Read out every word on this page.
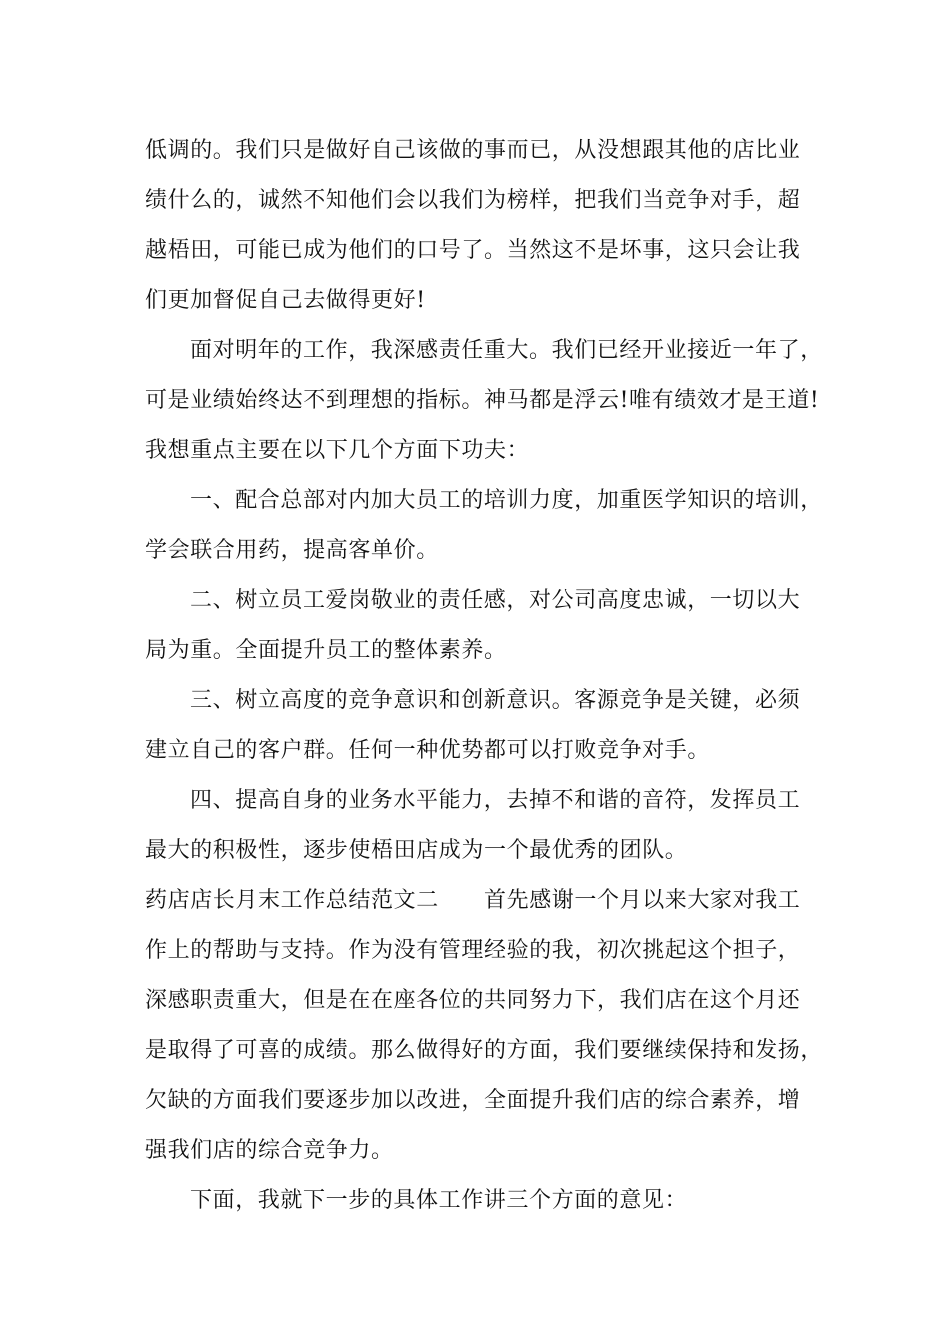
低调的。我们只是做好自己该做的事而已，从没想跟其他的店比业
绩什么的，诚然不知他们会以我们为榜样，把我们当竞争对手，超
越梧田，可能已成为他们的口号了。当然这不是坏事，这只会让我
们更加督促自己去做得更好!
面对明年的工作，我深感责任重大。我们已经开业接近一年了，
可是业绩始终达不到理想的指标。神马都是浮云!唯有绩效才是王道!
我想重点主要在以下几个方面下功夫：
一、配合总部对内加大员工的培训力度，加重医学知识的培训，
学会联合用药，提高客单价。
二、树立员工爱岗敬业的责任感，对公司高度忠诚，一切以大
局为重。全面提升员工的整体素养。
三、树立高度的竞争意识和创新意识。客源竞争是关键，必须
建立自己的客户群。任何一种优势都可以打败竞争对手。
四、提高自身的业务水平能力，去掉不和谐的音符，发挥员工
最大的积极性，逐步使梧田店成为一个最优秀的团队。
药店店长月末工作总结范文二　　首先感谢一个月以来大家对我工
作上的帮助与支持。作为没有管理经验的我，初次挑起这个担子，
深感职责重大，但是在在座各位的共同努力下，我们店在这个月还
是取得了可喜的成绩。那么做得好的方面，我们要继续保持和发扬，
欠缺的方面我们要逐步加以改进，全面提升我们店的综合素养，增
强我们店的综合竞争力。
下面，我就下一步的具体工作讲三个方面的意见：
